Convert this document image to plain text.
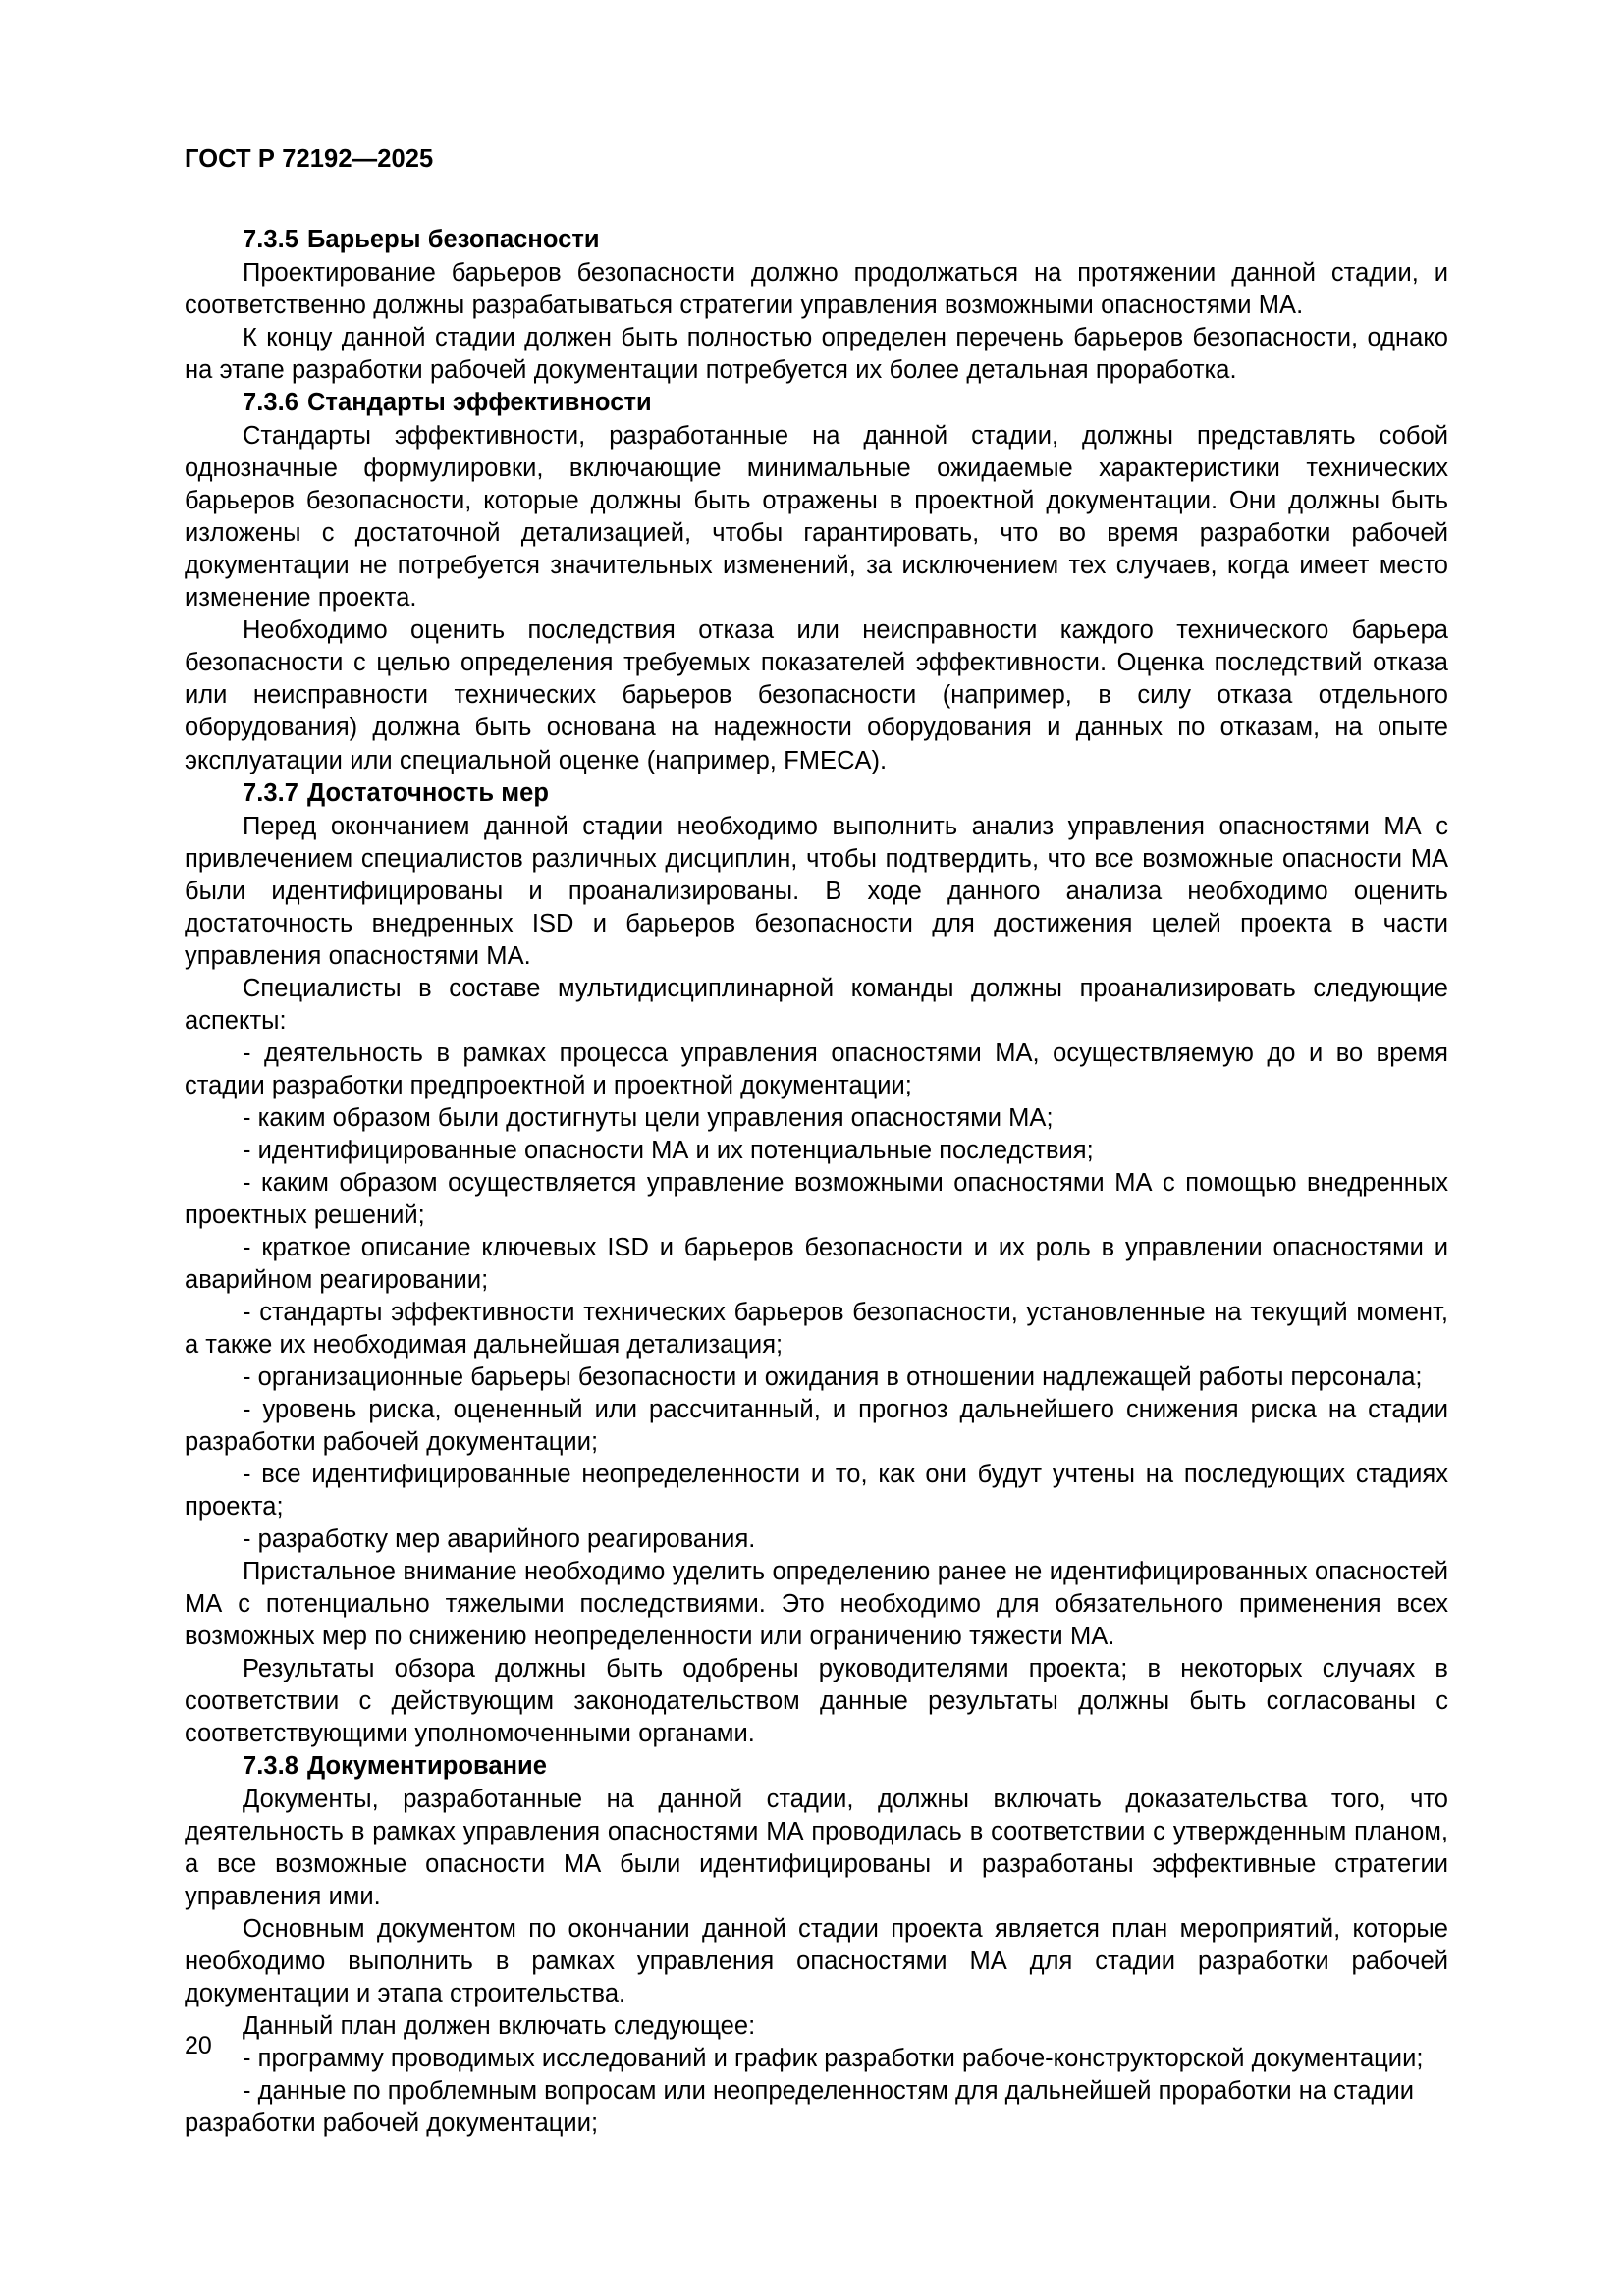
ГОСТ Р 72192—2025
7.3.5 Барьеры безопасности

Проектирование барьеров безопасности должно продолжаться на протяжении данной стадии, и соответственно должны разрабатываться стратегии управления возможными опасностями МА.

К концу данной стадии должен быть полностью определен перечень барьеров безопасности, однако на этапе разработки рабочей документации потребуется их более детальная проработка.

7.3.6 Стандарты эффективности

Стандарты эффективности, разработанные на данной стадии, должны представлять собой однозначные формулировки, включающие минимальные ожидаемые характеристики технических барьеров безопасности, которые должны быть отражены в проектной документации. Они должны быть изложены с достаточной детализацией, чтобы гарантировать, что во время разработки рабочей документации не потребуется значительных изменений, за исключением тех случаев, когда имеет место изменение проекта.

Необходимо оценить последствия отказа или неисправности каждого технического барьера безопасности с целью определения требуемых показателей эффективности. Оценка последствий отказа или неисправности технических барьеров безопасности (например, в силу отказа отдельного оборудования) должна быть основана на надежности оборудования и данных по отказам, на опыте эксплуатации или специальной оценке (например, FMECA).

7.3.7 Достаточность мер

Перед окончанием данной стадии необходимо выполнить анализ управления опасностями МА с привлечением специалистов различных дисциплин, чтобы подтвердить, что все возможные опасности МА были идентифицированы и проанализированы. В ходе данного анализа необходимо оценить достаточность внедренных ISD и барьеров безопасности для достижения целей проекта в части управления опасностями МА.

Специалисты в составе мультидисциплинарной команды должны проанализировать следующие аспекты:

- деятельность в рамках процесса управления опасностями МА, осуществляемую до и во время стадии разработки предпроектной и проектной документации;

- каким образом были достигнуты цели управления опасностями МА;

- идентифицированные опасности МА и их потенциальные последствия;

- каким образом осуществляется управление возможными опасностями МА с помощью внедренных проектных решений;

- краткое описание ключевых ISD и барьеров безопасности и их роль в управлении опасностями и аварийном реагировании;

- стандарты эффективности технических барьеров безопасности, установленные на текущий момент, а также их необходимая дальнейшая детализация;

- организационные барьеры безопасности и ожидания в отношении надлежащей работы персонала;

- уровень риска, оцененный или рассчитанный, и прогноз дальнейшего снижения риска на стадии разработки рабочей документации;

- все идентифицированные неопределенности и то, как они будут учтены на последующих стадиях проекта;

- разработку мер аварийного реагирования.

Пристальное внимание необходимо уделить определению ранее не идентифицированных опасностей МА с потенциально тяжелыми последствиями. Это необходимо для обязательного применения всех возможных мер по снижению неопределенности или ограничению тяжести МА.

Результаты обзора должны быть одобрены руководителями проекта; в некоторых случаях в соответствии с действующим законодательством данные результаты должны быть согласованы с соответствующими уполномоченными органами.

7.3.8 Документирование

Документы, разработанные на данной стадии, должны включать доказательства того, что деятельность в рамках управления опасностями МА проводилась в соответствии с утвержденным планом, а все возможные опасности МА были идентифицированы и разработаны эффективные стратегии управления ими.

Основным документом по окончании данной стадии проекта является план мероприятий, которые необходимо выполнить в рамках управления опасностями МА для стадии разработки рабочей документации и этапа строительства.

Данный план должен включать следующее:

- программу проводимых исследований и график разработки рабоче-конструкторской документации;

- данные по проблемным вопросам или неопределенностям для дальнейшей проработки на стадии разработки рабочей документации;

20
